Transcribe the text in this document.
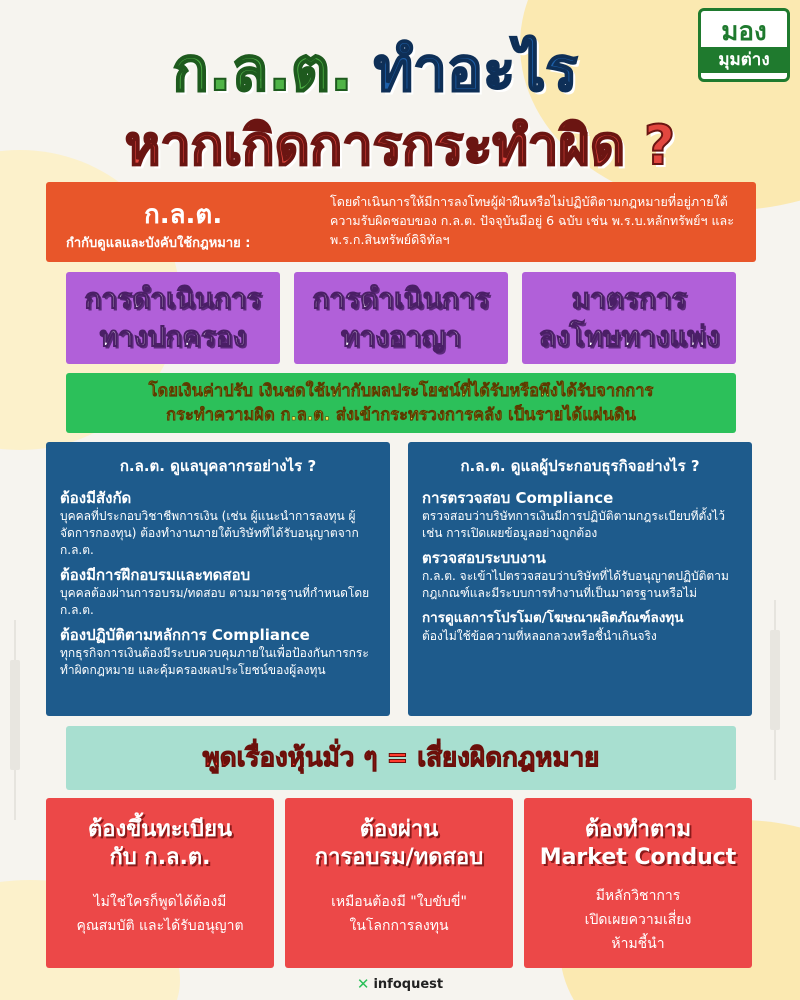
มอง
มุมต่าง
ก.ล.ต. ทำอะไร
หากเกิดการกระทำผิด ?
ก.ล.ต.
กำกับดูแลและบังคับใช้กฎหมาย :
โดยดำเนินการให้มีการลงโทษผู้ฝ่าฝืนหรือไม่ปฏิบัติตามกฎหมายที่อยู่ภายใต้ความรับผิดชอบของ ก.ล.ต. ปัจจุบันมีอยู่ 6 ฉบับ เช่น พ.ร.บ.หลักทรัพย์ฯ และ พ.ร.ก.สินทรัพย์ดิจิทัลฯ
การดำเนินการ
ทางปกครอง
การดำเนินการ
ทางอาญา
มาตรการ
ลงโทษทางแพ่ง
โดยเงินค่าปรับ เงินชดใช้เท่ากับผลประโยชน์ที่ได้รับหรือพึงได้รับจากการ
กระทำความผิด ก.ล.ต. ส่งเข้ากระทรวงการคลัง เป็นรายได้แผ่นดิน
ก.ล.ต. ดูแลบุคลากรอย่างไร ?
ต้องมีสังกัด
บุคคลที่ประกอบวิชาชีพการเงิน (เช่น ผู้แนะนำการลงทุน ผู้จัดการกองทุน) ต้องทำงานภายใต้บริษัทที่ได้รับอนุญาตจาก ก.ล.ต.
ต้องมีการฝึกอบรมและทดสอบ
บุคคลต้องผ่านการอบรม/ทดสอบ ตามมาตรฐานที่กำหนดโดย ก.ล.ต.
ต้องปฏิบัติตามหลักการ Compliance
ทุกธุรกิจการเงินต้องมีระบบควบคุมภายในเพื่อป้องกันการกระทำผิดกฎหมาย และคุ้มครองผลประโยชน์ของผู้ลงทุน
ก.ล.ต. ดูแลผู้ประกอบธุรกิจอย่างไร ?
การตรวจสอบ Compliance
ตรวจสอบว่าบริษัทการเงินมีการปฏิบัติตามกฎระเบียบที่ตั้งไว้ เช่น การเปิดเผยข้อมูลอย่างถูกต้อง
ตรวจสอบระบบงาน
ก.ล.ต. จะเข้าไปตรวจสอบว่าบริษัทที่ได้รับอนุญาตปฏิบัติตามกฎเกณฑ์และมีระบบการทำงานที่เป็นมาตรฐานหรือไม่
การดูแลการโปรโมต/โฆษณาผลิตภัณฑ์ลงทุน
ต้องไม่ใช้ข้อความที่หลอกลวงหรือชี้นำเกินจริง
พูดเรื่องหุ้นมั่ว ๆ = เสี่ยงผิดกฎหมาย
ต้องขึ้นทะเบียน
กับ ก.ล.ต.
ไม่ใช่ใครก็พูดได้ต้องมี
คุณสมบัติ และได้รับอนุญาต
ต้องผ่าน
การอบรม/ทดสอบ
เหมือนต้องมี "ใบขับขี่"
ในโลกการลงทุน
ต้องทำตาม
Market Conduct
มีหลักวิชาการ
เปิดเผยความเสี่ยง
ห้ามชี้นำ
✕ infoquest
